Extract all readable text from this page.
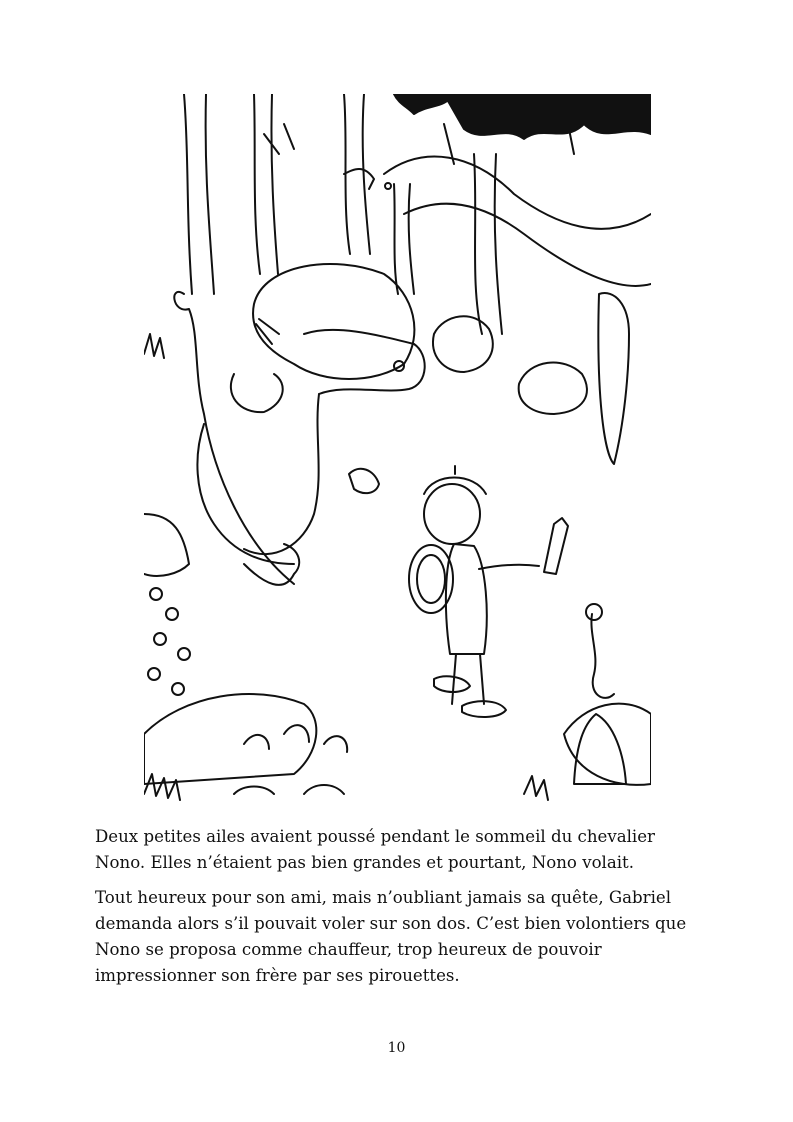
Deux petites ailes avaient poussé pendant le sommeil du chevalier Nono. Elles n’étaient pas bien grandes et pourtant, Nono volait.

Tout heureux pour son ami, mais n’oubliant jamais sa quête, Gabriel demanda alors s’il pouvait voler sur son dos. C’est bien volontiers que Nono se proposa comme chauffeur, trop heureux de pouvoir impressionner son frère par ses pirouettes.

10
